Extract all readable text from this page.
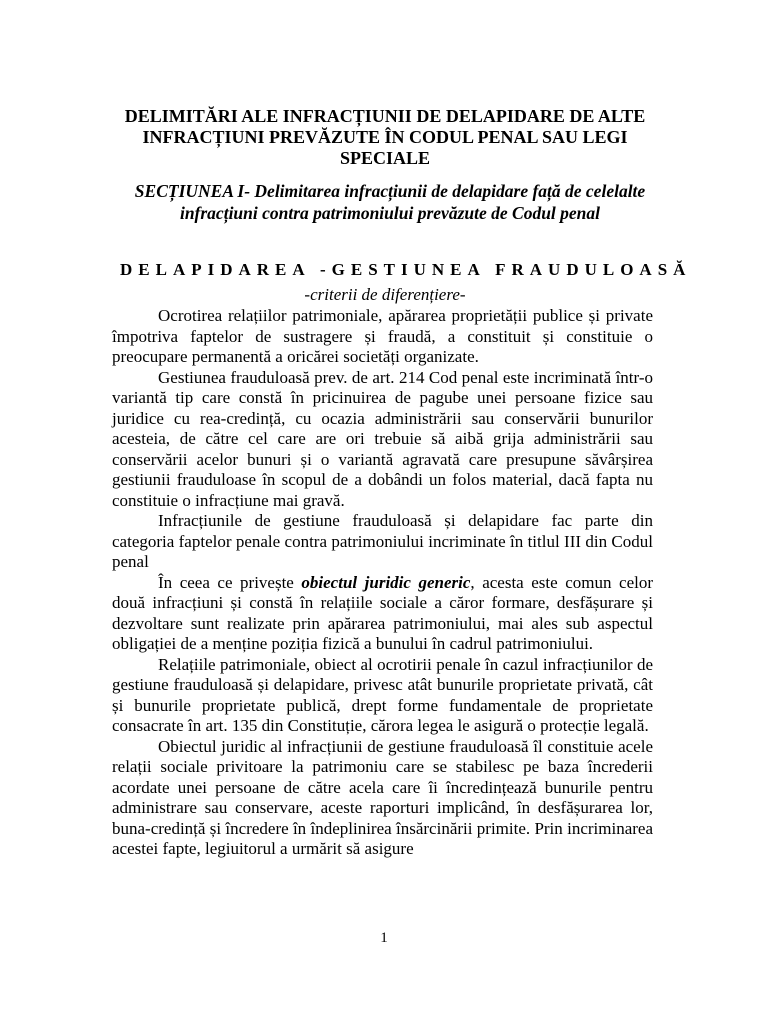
DELIMITĂRI ALE INFRACȚIUNII DE DELAPIDARE DE ALTE INFRACȚIUNI PREVĂZUTE ÎN CODUL PENAL SAU LEGI SPECIALE
SECȚIUNEA I- Delimitarea infracțiunii de delapidare față de celelalte infracțiuni contra patrimoniului prevăzute de Codul penal
DELAPIDAREA -GESTIUNEA FRAUDULOASĂ

-criterii de diferențiere-

Ocrotirea relațiilor patrimoniale, apărarea proprietății publice și private împotriva faptelor de sustragere și fraudă, a constituit și constituie o preocupare permanentă a oricărei societăți organizate.

Gestiunea frauduloasă prev. de art. 214 Cod penal este incriminată într-o variantă tip care constă în pricinuirea de pagube unei persoane fizice sau juridice cu rea-credință, cu ocazia administrării sau conservării bunurilor acesteia, de către cel care are ori trebuie să aibă grija administrării sau conservării acelor bunuri și o variantă agravată care presupune săvârșirea gestiunii frauduloase în scopul de a dobândi un folos material, dacă fapta nu constituie o infracțiune mai gravă.

Infracțiunile de gestiune frauduloasă și delapidare fac parte din categoria faptelor penale contra patrimoniului incriminate în titlul III din Codul penal

În ceea ce privește obiectul juridic generic, acesta este comun celor două infracțiuni și constă în relațiile sociale a căror formare, desfășurare și dezvoltare sunt realizate prin apărarea patrimoniului, mai ales sub aspectul obligației de a menține poziția fizică a bunului în cadrul patrimoniului.

Relațiile patrimoniale, obiect al ocrotirii penale în cazul infracțiunilor de gestiune frauduloasă și delapidare, privesc atât bunurile proprietate privată, cât și bunurile proprietate publică, drept forme fundamentale de proprietate consacrate în art. 135 din Constituție, cărora legea le asigură o protecție legală.

Obiectul juridic al infracțiunii de gestiune frauduloasă îl constituie acele relații sociale privitoare la patrimoniu care se stabilesc pe baza încrederii acordate unei persoane de către acela care îi încredințează bunurile pentru administrare sau conservare, aceste raporturi implicând, în desfășurarea lor, buna-credință și încredere în îndeplinirea însărcinării primite. Prin incriminarea acestei fapte, legiuitorul a urmărit să asigure

1
